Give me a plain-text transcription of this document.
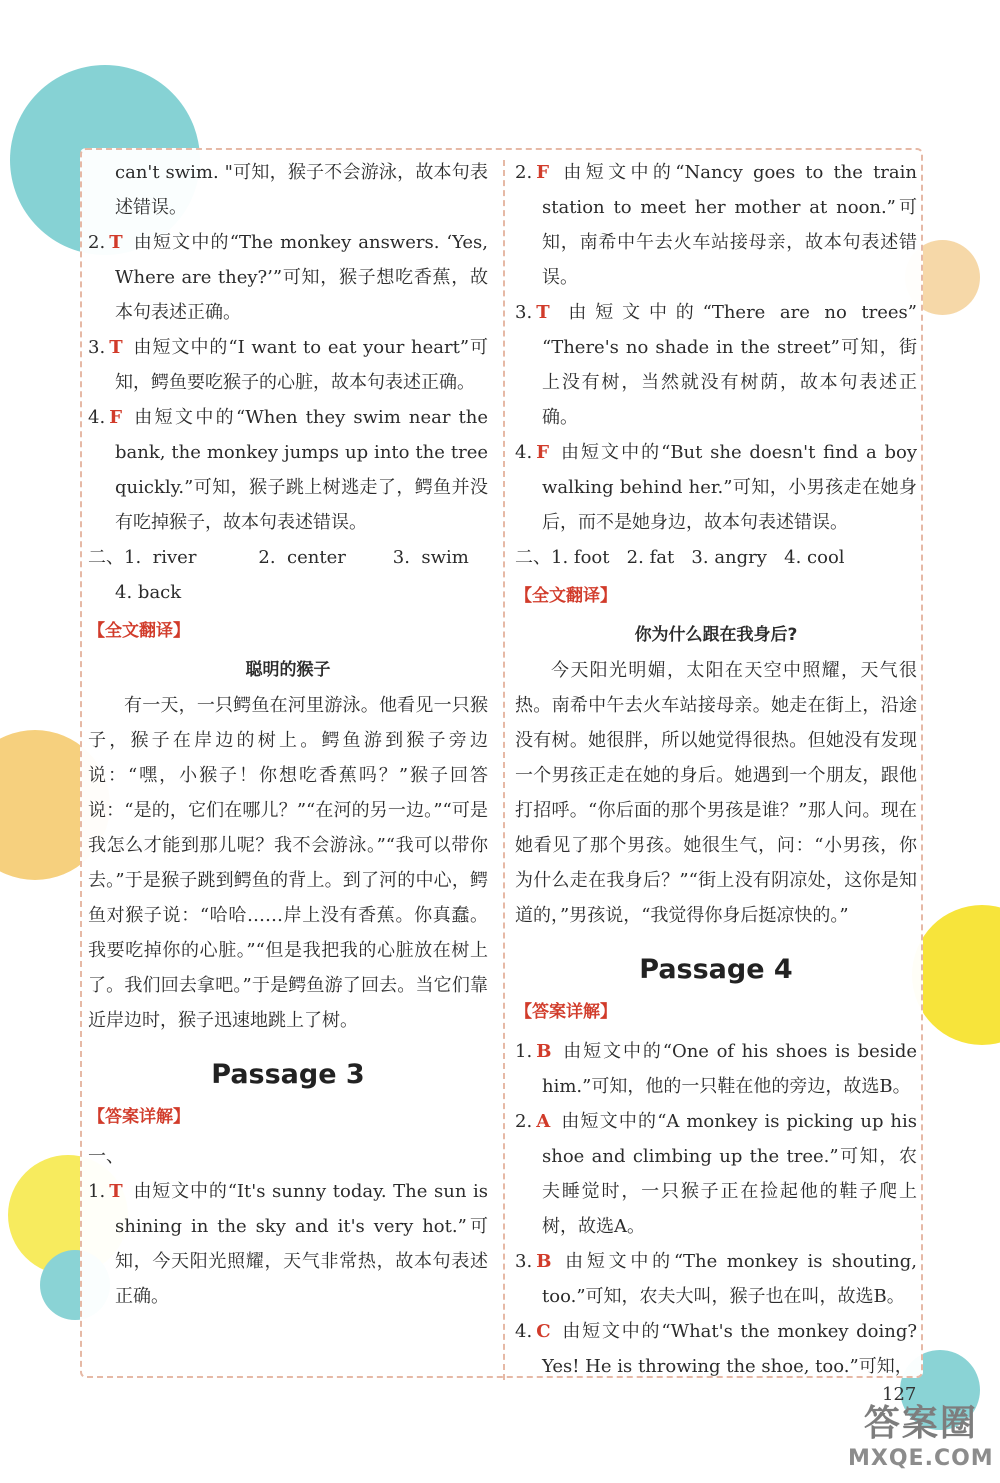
can't swim. "可知，猴子不会游泳，故本句表述错误。

2. T 由短文中的“The monkey answers. ‘Yes, Where are they?’”可知，猴子想吃香蕉，故本句表述正确。

3. T 由短文中的“I want to eat your heart”可知，鳄鱼要吃猴子的心脏，故本句表述正确。

4. F 由短文中的“When they swim near the bank, the monkey jumps up into the tree quickly.”可知，猴子跳上树逃走了，鳄鱼并没有吃掉猴子，故本句表述错误。

二、1. river	2. center	3. swim

4. back

【全文翻译】
聪明的猴子

有一天，一只鳄鱼在河里游泳。他看见一只猴子，猴子在岸边的树上。鳄鱼游到猴子旁边说：“嘿，小猴子！你想吃香蕉吗？”猴子回答说：“是的，它们在哪儿？”“在河的另一边。”“可是我怎么才能到那儿呢？我不会游泳。”“我可以带你去。”于是猴子跳到鳄鱼的背上。到了河的中心，鳄鱼对猴子说：“哈哈……岸上没有香蕉。你真蠢。我要吃掉你的心脏。”“但是我把我的心脏放在树上了。我们回去拿吧。”于是鳄鱼游了回去。当它们靠近岸边时，猴子迅速地跳上了树。

Passage 3
【答案详解】

一、

1. T 由短文中的“It's sunny today. The sun is shining in the sky and it's very hot.”可知，今天阳光照耀，天气非常热，故本句表述正确。

2. F 由短文中的“Nancy goes to the train station to meet her mother at noon.”可知，南希中午去火车站接母亲，故本句表述错误。

3. T 由短文中的“There are no trees” “There's no shade in the street”可知，街上没有树，当然就没有树荫，故本句表述正确。

4. F 由短文中的“But she doesn't find a boy walking behind her.”可知，小男孩走在她身后，而不是她身边，故本句表述错误。

二、1. foot 2. fat 3. angry 4. cool

【全文翻译】
你为什么跟在我身后?

今天阳光明媚，太阳在天空中照耀，天气很热。南希中午去火车站接母亲。她走在街上，沿途没有树。她很胖，所以她觉得很热。但她没有发现一个男孩正走在她的身后。她遇到一个朋友，跟他打招呼。“你后面的那个男孩是谁？”那人问。现在她看见了那个男孩。她很生气，问：“小男孩，你为什么走在我身后？”“街上没有阴凉处，这你是知道的，”男孩说，“我觉得你身后挺凉快的。”

Passage 4
【答案详解】

1. B 由短文中的“One of his shoes is beside him.”可知，他的一只鞋在他的旁边，故选B。

2. A 由短文中的“A monkey is picking up his shoe and climbing up the tree.”可知，农夫睡觉时，一只猴子正在捡起他的鞋子爬上树，故选A。

3. B 由短文中的“The monkey is shouting, too.”可知，农夫大叫，猴子也在叫，故选B。

4. C 由短文中的“What's the monkey doing? Yes! He is throwing the shoe, too.”可知，

127
答案圈
MXQE.COM
